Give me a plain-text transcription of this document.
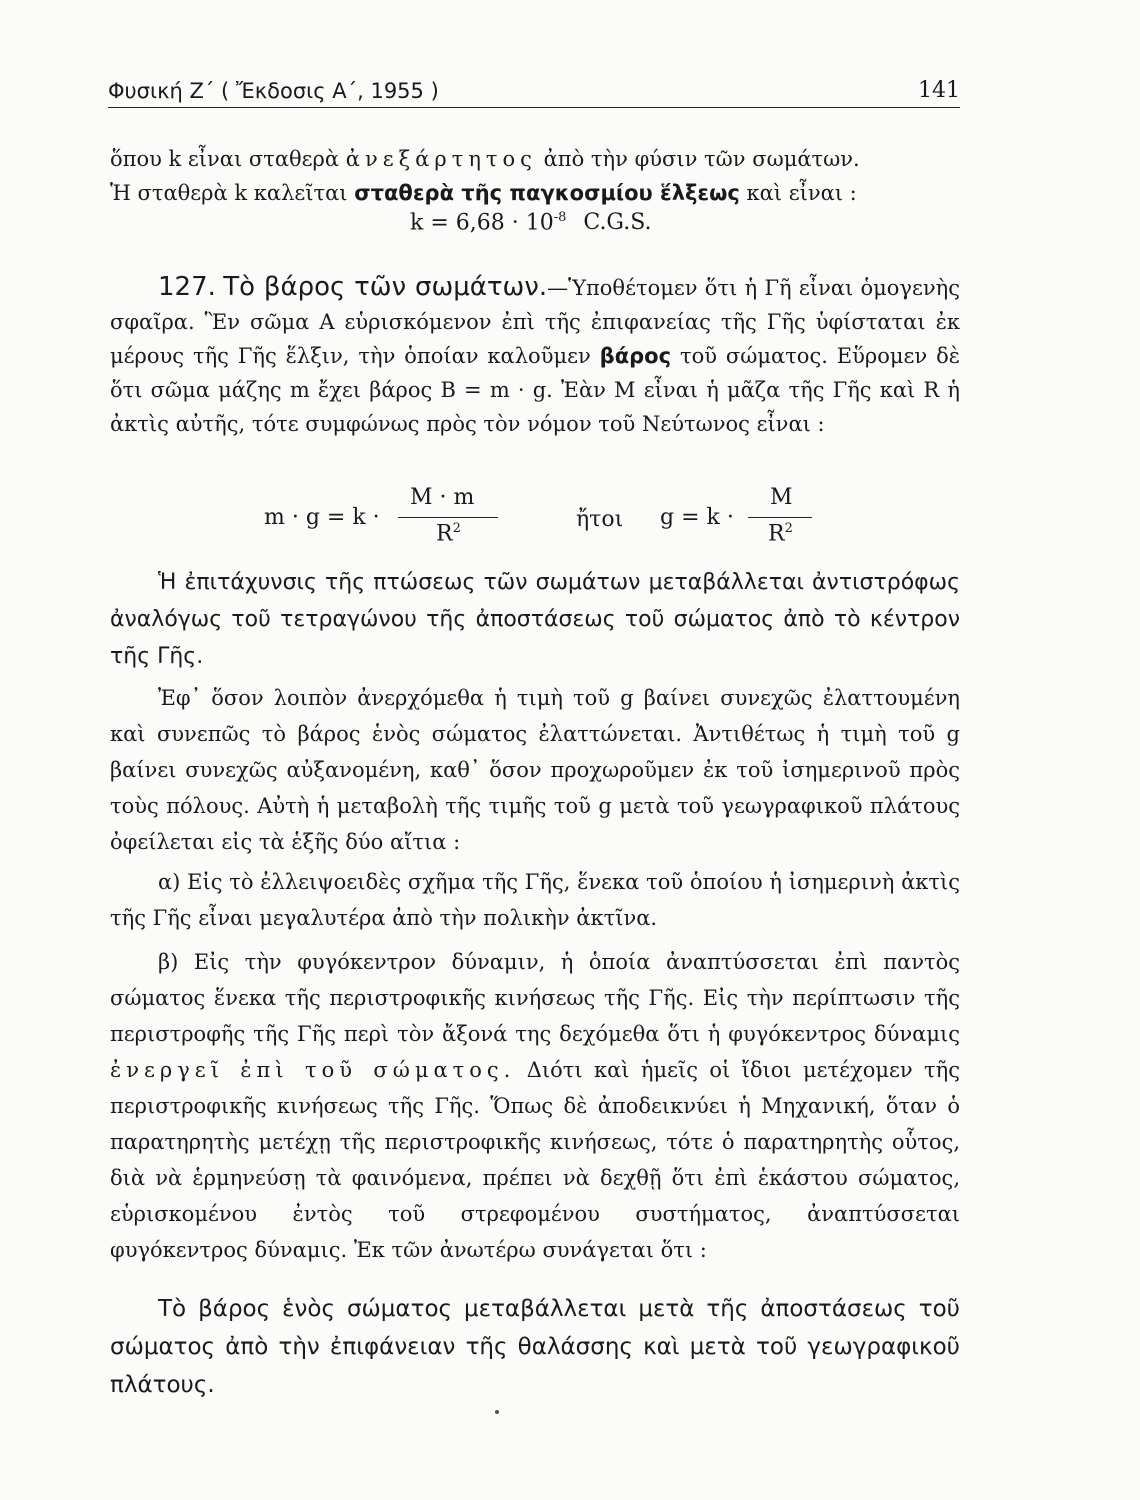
Φυσική Ζ΄ ( Ἔκδοσις Α΄, 1955 )	141

ὅπου k εἶναι σταθερὰ ἀνεξάρτητος ἀπὸ τὴν φύσιν τῶν σωμάτων.

Ἡ σταθερὰ k καλεῖται σταθερὰ τῆς παγκοσμίου ἕλξεως καὶ εἶναι :

$k = 6,68 \cdot 10^{-8}$ C.G.S.

127. Τὸ βάρος τῶν σωμάτων.—Ὑποθέτομεν ὅτι ἡ Γῆ εἶναι ὁμογενὴς σφαῖρα. Ἓν σῶμα Α εὑρισκόμενον ἐπὶ τῆς ἐπιφανείας τῆς Γῆς ὑφίσταται ἐκ μέρους τῆς Γῆς ἕλξιν, τὴν ὁποίαν καλοῦμεν βάρος τοῦ σώματος. Εὕρομεν δὲ ὅτι σῶμα μάζης m ἔχει βάρος Β = m · g. Ἐὰν Μ εἶναι ἡ μᾶζα τῆς Γῆς καὶ R ἡ ἀκτὶς αὐτῆς, τότε συμφώνως πρὸς τὸν νόμον τοῦ Νεύτωνος εἶναι :

m · g = k ·
M · m
$R^2$	ἤτοι g = k ·
M
$R^2$

Ἡ ἐπιτάχυνσις τῆς πτώσεως τῶν σωμάτων μεταβάλλεται ἀντιστρόφως ἀναλόγως τοῦ τετραγώνου τῆς ἀποστάσεως τοῦ σώματος ἀπὸ τὸ κέντρον τῆς Γῆς.

Ἐφ᾽ ὅσον λοιπὸν ἀνερχόμεθα ἡ τιμὴ τοῦ g βαίνει συνεχῶς ἐλαττουμένη καὶ συνεπῶς τὸ βάρος ἑνὸς σώματος ἐλαττώνεται. Ἀντιθέτως ἡ τιμὴ τοῦ g βαίνει συνεχῶς αὐξανομένη, καθ᾽ ὅσον προχωροῦμεν ἐκ τοῦ ἰσημερινοῦ πρὸς τοὺς πόλους. Αὐτὴ ἡ μεταβολὴ τῆς τιμῆς τοῦ g μετὰ τοῦ γεωγραφικοῦ πλάτους ὀφείλεται εἰς τὰ ἑξῆς δύο αἴτια :

α) Εἰς τὸ ἐλλειψοειδὲς σχῆμα τῆς Γῆς, ἕνεκα τοῦ ὁποίου ἡ ἰσημερινὴ ἀκτὶς τῆς Γῆς εἶναι μεγαλυτέρα ἀπὸ τὴν πολικὴν ἀκτῖνα.

β) Εἰς τὴν φυγόκεντρον δύναμιν, ἡ ὁποία ἀναπτύσσεται ἐπὶ παντὸς σώματος ἕνεκα τῆς περιστροφικῆς κινήσεως τῆς Γῆς. Εἰς τὴν περίπτωσιν τῆς περιστροφῆς τῆς Γῆς περὶ τὸν ἄξονά της δεχόμεθα ὅτι ἡ φυγόκεντρος δύναμις ἐνεργεῖ ἐπὶ τοῦ σώματος. Διότι καὶ ἡμεῖς οἱ ἴδιοι μετέχομεν τῆς περιστροφικῆς κινήσεως τῆς Γῆς. Ὅπως δὲ ἀποδεικνύει ἡ Μηχανική, ὅταν ὁ παρατηρητὴς μετέχῃ τῆς περιστροφικῆς κινήσεως, τότε ὁ παρατηρητὴς οὗτος, διὰ νὰ ἑρμηνεύσῃ τὰ φαινόμενα, πρέπει νὰ δεχθῇ ὅτι ἐπὶ ἑκάστου σώματος, εὑρισκομένου ἐντὸς τοῦ στρεφομένου συστήματος, ἀναπτύσσεται φυγόκεντρος δύναμις. Ἐκ τῶν ἀνωτέρω συνάγεται ὅτι :

Τὸ βάρος ἑνὸς σώματος μεταβάλλεται μετὰ τῆς ἀποστάσεως τοῦ σώματος ἀπὸ τὴν ἐπιφάνειαν τῆς θαλάσσης καὶ μετὰ τοῦ γεωγραφικοῦ πλάτους.
